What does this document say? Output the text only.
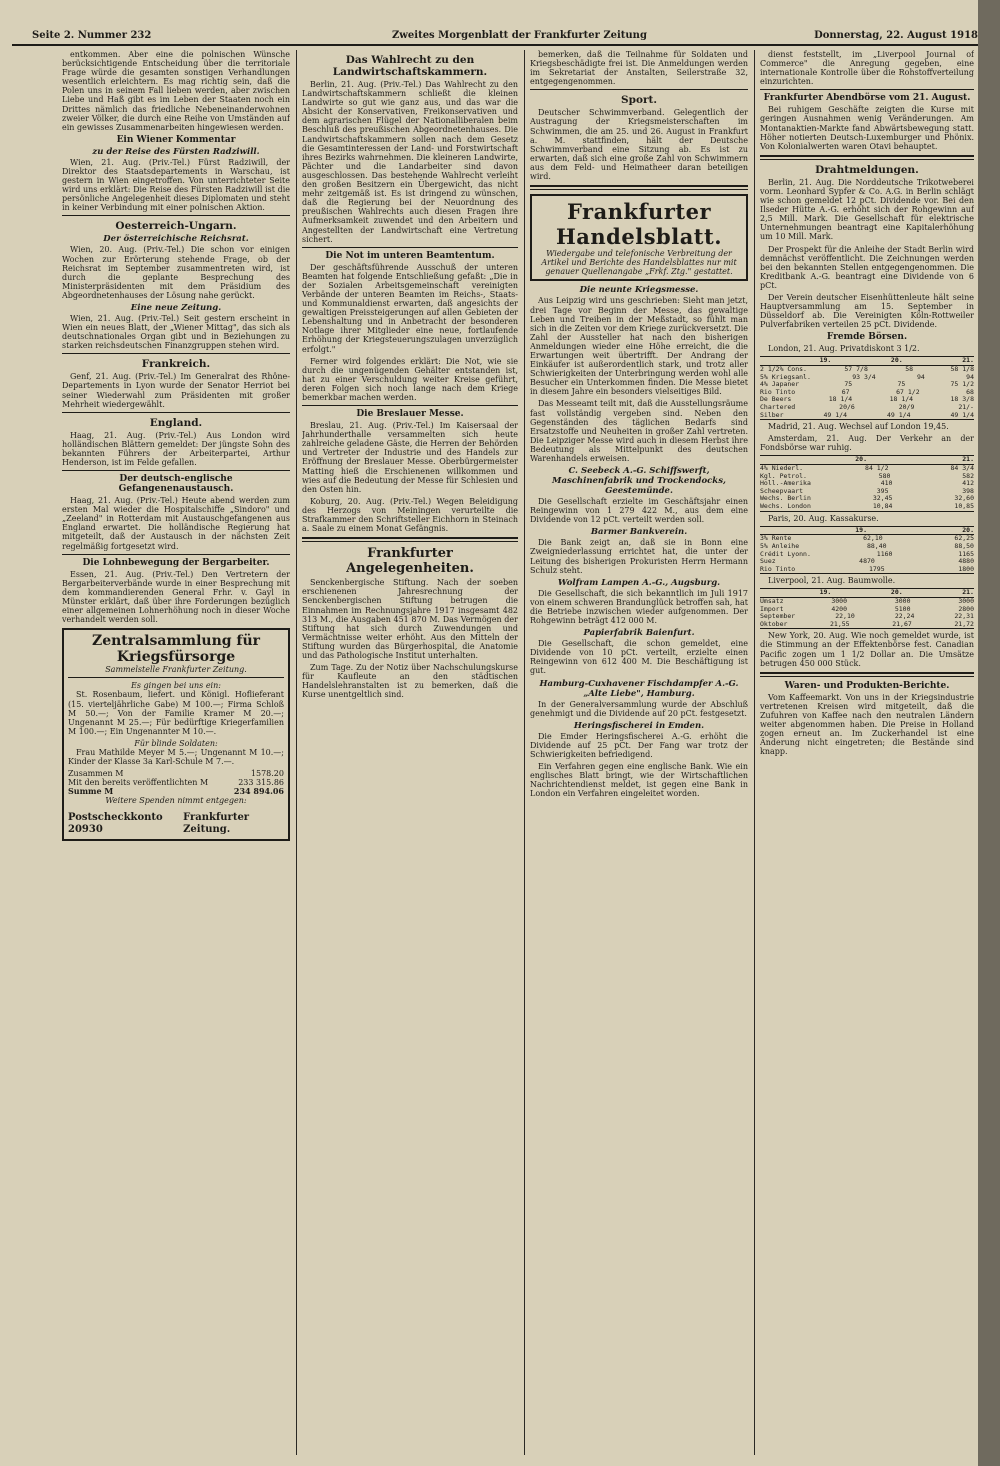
Seite 2. Nummer 232	Zweites Morgenblatt der Frankfurter Zeitung	Donnerstag, 22. August 1918

entkommen. Aber eine die polnischen Wünsche berücksichtigende Entscheidung über die territoriale Frage würde die gesamten sonstigen Verhandlungen wesentlich erleichtern. Es mag richtig sein, daß die Polen uns in seinem Fall lieben werden, aber zwischen Liebe und Haß gibt es im Leben der Staaten noch ein Drittes nämlich das friedliche Nebeneinanderwohnen zweier Völker, die durch eine Reihe von Umständen auf ein gewisses Zusammenarbeiten hingewiesen werden.

Ein Wiener Kommentar
zu der Reise des Fürsten Radziwill.

Wien, 21. Aug. (Priv.-Tel.) Fürst Radziwill, der Direktor des Staatsdepartements in Warschau, ist gestern in Wien eingetroffen. Von unterrichteter Seite wird uns erklärt: Die Reise des Fürsten Radziwill ist die persönliche Angelegenheit dieses Diplomaten und steht in keiner Verbindung mit einer polnischen Aktion.

Oesterreich-Ungarn.
Der österreichische Reichsrat.

Wien, 20. Aug. (Priv.-Tel.) Die schon vor einigen Wochen zur Erörterung stehende Frage, ob der Reichsrat im September zusammentreten wird, ist durch die geplante Besprechung des Ministerpräsidenten mit dem Präsidium des Abgeordnetenhauses der Lösung nahe gerückt.

Eine neue Zeitung.

Wien, 21. Aug. (Priv.-Tel.) Seit gestern erscheint in Wien ein neues Blatt, der „Wiener Mittag", das sich als deutschnationales Organ gibt und in Beziehungen zu starken reichsdeutschen Finanzgruppen stehen wird.

Frankreich.

Genf, 21. Aug. (Priv.-Tel.) Im Generalrat des Rhône-Departements in Lyon wurde der Senator Herriot bei seiner Wiederwahl zum Präsidenten mit großer Mehrheit wiedergewählt.

England.

Haag, 21. Aug. (Priv.-Tel.) Aus London wird holländischen Blättern gemeldet: Der jüngste Sohn des bekannten Führers der Arbeiterpartei, Arthur Henderson, ist im Felde gefallen.

Der deutsch-englische Gefangenenaustausch.

Haag, 21. Aug. (Priv.-Tel.) Heute abend werden zum ersten Mal wieder die Hospitalschiffe „Sindoro" und „Zeeland" in Rotterdam mit Austauschgefangenen aus England erwartet. Die holländische Regierung hat mitgeteilt, daß der Austausch in der nächsten Zeit regelmäßig fortgesetzt wird.

Die Lohnbewegung der Bergarbeiter.

Essen, 21. Aug. (Priv.-Tel.) Den Vertretern der Bergarbeiterverbände wurde in einer Besprechung mit dem kommandierenden General Frhr. v. Gayl in Münster erklärt, daß über ihre Forderungen bezüglich einer allgemeinen Lohnerhöhung noch in dieser Woche verhandelt werden soll.

Zentralsammlung für Kriegsfürsorge
Sammelstelle Frankfurter Zeitung.
Es gingen bei uns ein:

St. Rosenbaum, liefert. und Königl. Hoflieferant (15. vierteljährliche Gabe) M 100.—; Firma Schloß M 50.—; Von der Familie Kramer M 20.—; Ungenannt M 25.—; Für bedürftige Kriegerfamilien M 100.—; Ein Ungenannter M 10.—.

Für blinde Soldaten:

Frau Mathilde Meyer M 5.—; Ungenannt M 10.—; Kinder der Klasse 3a Karl-Schule M 7.—.

Zusammen M	1578.20
Mit den bereits veröffentlichten M	233 315.86
Summe M	234 894.06
Weitere Spenden nimmt entgegen:
Postscheckkonto 20930
Frankfurter Zeitung.
Das Wahlrecht zu den Landwirtschaftskammern.

Berlin, 21. Aug. (Priv.-Tel.) Das Wahlrecht zu den Landwirtschaftskammern schließt die kleinen Landwirte so gut wie ganz aus, und das war die Absicht der Konservativen, Freikonservativen und dem agrarischen Flügel der Nationalliberalen beim Beschluß des preußischen Abgeordnetenhauses. Die Landwirtschaftskammern sollen nach dem Gesetz die Gesamtinteressen der Land- und Forstwirtschaft ihres Bezirks wahrnehmen. Die kleineren Landwirte, Pächter und die Landarbeiter sind davon ausgeschlossen. Das bestehende Wahlrecht verleiht den großen Besitzern ein Übergewicht, das nicht mehr zeitgemäß ist. Es ist dringend zu wünschen, daß die Regierung bei der Neuordnung des preußischen Wahlrechts auch diesen Fragen ihre Aufmerksamkeit zuwendet und den Arbeitern und Angestellten der Landwirtschaft eine Vertretung sichert.

Die Not im unteren Beamtentum.

Der geschäftsführende Ausschuß der unteren Beamten hat folgende Entschließung gefaßt: „Die in der Sozialen Arbeitsgemeinschaft vereinigten Verbände der unteren Beamten im Reichs-, Staats- und Kommunaldienst erwarten, daß angesichts der gewaltigen Preissteigerungen auf allen Gebieten der Lebenshaltung und in Anbetracht der besonderen Notlage ihrer Mitglieder eine neue, fortlaufende Erhöhung der Kriegsteuerungszulagen unverzüglich erfolgt."

Ferner wird folgendes erklärt: Die Not, wie sie durch die ungenügenden Gehälter entstanden ist, hat zu einer Verschuldung weiter Kreise geführt, deren Folgen sich noch lange nach dem Kriege bemerkbar machen werden.

Die Breslauer Messe.

Breslau, 21. Aug. (Priv.-Tel.) Im Kaisersaal der Jahrhunderthalle versammelten sich heute zahlreiche geladene Gäste, die Herren der Behörden und Vertreter der Industrie und des Handels zur Eröffnung der Breslauer Messe. Oberbürgermeister Matting hieß die Erschienenen willkommen und wies auf die Bedeutung der Messe für Schlesien und den Osten hin.

Koburg, 20. Aug. (Priv.-Tel.) Wegen Beleidigung des Herzogs von Meiningen verurteilte die Strafkammer den Schriftsteller Eichhorn in Steinach a. Saale zu einem Monat Gefängnis.

Frankfurter Angelegenheiten.

Senckenbergische Stiftung. Nach der soeben erschienenen Jahresrechnung der Senckenbergischen Stiftung betrugen die Einnahmen im Rechnungsjahre 1917 insgesamt 482 313 M., die Ausgaben 451 870 M. Das Vermögen der Stiftung hat sich durch Zuwendungen und Vermächtnisse weiter erhöht. Aus den Mitteln der Stiftung wurden das Bürgerhospital, die Anatomie und das Pathologische Institut unterhalten.

Zum Tage. Zu der Notiz über Nachschulungskurse für Kaufleute an den städtischen Handelslehranstalten ist zu bemerken, daß die Kurse unentgeltlich sind.

bemerken, daß die Teilnahme für Soldaten und Kriegsbeschädigte frei ist. Die Anmeldungen werden im Sekretariat der Anstalten, Seilerstraße 32, entgegengenommen.

Sport.

Deutscher Schwimmverband. Gelegentlich der Austragung der Kriegsmeisterschaften im Schwimmen, die am 25. und 26. August in Frankfurt a. M. stattfinden, hält der Deutsche Schwimmverband eine Sitzung ab. Es ist zu erwarten, daß sich eine große Zahl von Schwimmern aus dem Feld- und Heimatheer daran beteiligen wird.

Frankfurter Handelsblatt.
Wiedergabe und telefonische Verbreitung der Artikel und Berichte des Handelsblattes nur mit genauer Quellenangabe „Frkf. Ztg." gestattet.
Die neunte Kriegsmesse.

Aus Leipzig wird uns geschrieben: Sieht man jetzt, drei Tage vor Beginn der Messe, das gewaltige Leben und Treiben in der Meßstadt, so fühlt man sich in die Zeiten vor dem Kriege zurückversetzt. Die Zahl der Aussteller hat nach den bisherigen Anmeldungen wieder eine Höhe erreicht, die die Erwartungen weit übertrifft. Der Andrang der Einkäufer ist außerordentlich stark, und trotz aller Schwierigkeiten der Unterbringung werden wohl alle Besucher ein Unterkommen finden. Die Messe bietet in diesem Jahre ein besonders vielseitiges Bild.

Das Messeamt teilt mit, daß die Ausstellungsräume fast vollständig vergeben sind. Neben den Gegenständen des täglichen Bedarfs sind Ersatzstoffe und Neuheiten in großer Zahl vertreten. Die Leipziger Messe wird auch in diesem Herbst ihre Bedeutung als Mittelpunkt des deutschen Warenhandels erweisen.

C. Seebeck A.-G. Schiffswerft, Maschinenfabrik und Trockendocks, Geestemünde.

Die Gesellschaft erzielte im Geschäftsjahr einen Reingewinn von 1 279 422 M., aus dem eine Dividende von 12 pCt. verteilt werden soll.

Barmer Bankverein.

Die Bank zeigt an, daß sie in Bonn eine Zweigniederlassung errichtet hat, die unter der Leitung des bisherigen Prokuristen Herrn Hermann Schulz steht.

Wolfram Lampen A.-G., Augsburg.

Die Gesellschaft, die sich bekanntlich im Juli 1917 von einem schweren Brandunglück betroffen sah, hat die Betriebe inzwischen wieder aufgenommen. Der Rohgewinn beträgt 412 000 M.

Papierfabrik Baienfurt.

Die Gesellschaft, die schon gemeldet, eine Dividende von 10 pCt. verteilt, erzielte einen Reingewinn von 612 400 M. Die Beschäftigung ist gut.

Hamburg-Cuxhavener Fischdampfer A.-G. „Alte Liebe", Hamburg.

In der Generalversammlung wurde der Abschluß genehmigt und die Dividende auf 20 pCt. festgesetzt.

Heringsfischerei in Emden.

Die Emder Heringsfischerei A.-G. erhöht die Dividende auf 25 pCt. Der Fang war trotz der Schwierigkeiten befriedigend.

Ein Verfahren gegen eine englische Bank. Wie ein englisches Blatt bringt, wie der Wirtschaftlichen Nachrichtendienst meldet, ist gegen eine Bank in London ein Verfahren eingeleitet worden.

dienst feststellt, im „Liverpool Journal of Commerce" die Anregung gegeben, eine internationale Kontrolle über die Rohstoffverteilung einzurichten.

Frankfurter Abendbörse vom 21. August.

Bei ruhigem Geschäfte zeigten die Kurse mit geringen Ausnahmen wenig Veränderungen. Am Montanaktien-Markte fand Abwärtsbewegung statt. Höher notierten Deutsch-Luxemburger und Phönix. Von Kolonialwerten waren Otavi behauptet.

Drahtmeldungen.

Berlin, 21. Aug. Die Norddeutsche Trikotweberei vorm. Leonhard Sypfer & Co. A.G. in Berlin schlägt wie schon gemeldet 12 pCt. Dividende vor. Bei den Ilseder Hütte A.-G. erhöht sich der Rohgewinn auf 2,5 Mill. Mark. Die Gesellschaft für elektrische Unternehmungen beantragt eine Kapitalerhöhung um 10 Mill. Mark.

Der Prospekt für die Anleihe der Stadt Berlin wird demnächst veröffentlicht. Die Zeichnungen werden bei den bekannten Stellen entgegengenommen. Die Kreditbank A.-G. beantragt eine Dividende von 6 pCt.

Der Verein deutscher Eisenhüttenleute hält seine Hauptversammlung am 15. September in Düsseldorf ab. Die Vereinigten Köln-Rottweiler Pulverfabriken verteilen 25 pCt. Dividende.

Fremde Börsen.

London, 21. Aug. Privatdiskont 3 1/2.

19.	20.	21.
2 1/2% Cons.	57 7/8	58	58 1/8
5% Kriegsanl.	93 3/4	94	94
4% Japaner	75	75	75 1/2
Rio Tinto	67	67 1/2	68
De Beers	18 1/4	18 1/4	18 3/8
Chartered	20/6	20/9	21/-
Silber	49 1/4	49 1/4	49 1/4

Madrid, 21. Aug. Wechsel auf London 19,45.

Amsterdam, 21. Aug. Der Verkehr an der Fondsbörse war ruhig.

20.	21.
4% Niederl.	84 1/2	84 3/4
Kgl. Petrol.	580	582
Holl.-Amerika	410	412
Scheepvaart	395	398
Wechs. Berlin	32,45	32,60
Wechs. London	10,84	10,85

Paris, 20. Aug. Kassakurse.

19.	20.
3% Rente	62,10	62,25
5% Anleihe	88,40	88,50
Crédit Lyonn.	1160	1165
Suez	4870	4880
Rio Tinto	1795	1800

Liverpool, 21. Aug. Baumwolle.

19.	20.	21.
Umsatz	3000	3000	3000
Import	4200	5100	2800
September	22,10	22,24	22,31
Oktober	21,55	21,67	21,72

New York, 20. Aug. Wie noch gemeldet wurde, ist die Stimmung an der Effektenbörse fest. Canadian Pacific zogen um 1 1/2 Dollar an. Die Umsätze betrugen 450 000 Stück.

Waren- und Produkten-Berichte.

Vom Kaffeemarkt. Von uns in der Kriegsindustrie vertretenen Kreisen wird mitgeteilt, daß die Zufuhren von Kaffee nach den neutralen Ländern weiter abgenommen haben. Die Preise in Holland zogen erneut an. Im Zuckerhandel ist eine Änderung nicht eingetreten; die Bestände sind knapp.
